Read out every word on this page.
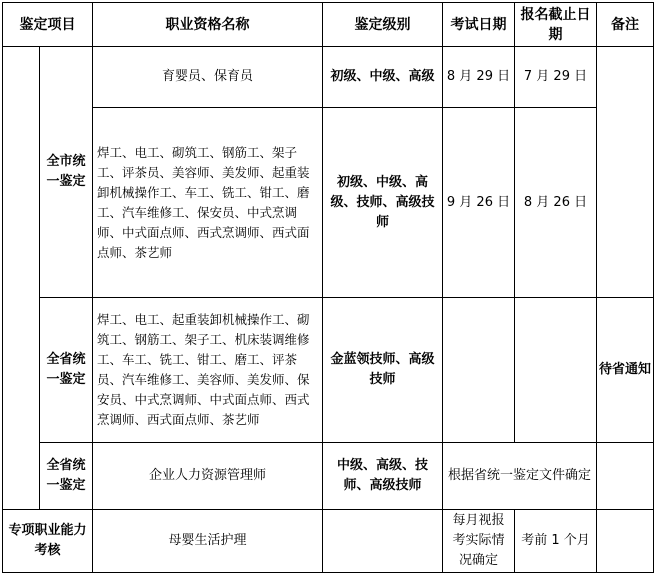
鉴定项目		职业资格名称	鉴定级别	考试日期	报名截止日期	备注
	全市统一鉴定	育婴员、保育员	初级、中级、高级	8 月 29 日	7 月 29 日	
		焊工、电工、砌筑工、钢筋工、架子工、评茶员、美容师、美发师、起重装卸机械操作工、车工、铣工、钳工、磨工、汽车维修工、保安员、中式烹调师、中式面点师、西式烹调师、西式面点师、茶艺师	初级、中级、高级、技师、高级技师	9 月 26 日	8 月 26 日	
	全省统一鉴定	焊工、电工、起重装卸机械操作工、砌筑工、钢筋工、架子工、机床装调维修工、车工、铣工、钳工、磨工、评茶员、汽车维修工、美容师、美发师、保安员、中式烹调师、中式面点师、西式烹调师、西式面点师、茶艺师	金蓝领技师、高级技师			待省通知
	全省统一鉴定	企业人力资源管理师	中级、高级、技师、高级技师	根据省统一鉴定文件确定		
专项职业能力考核		母婴生活护理		每月视报考实际情况确定	考前 1 个月	
